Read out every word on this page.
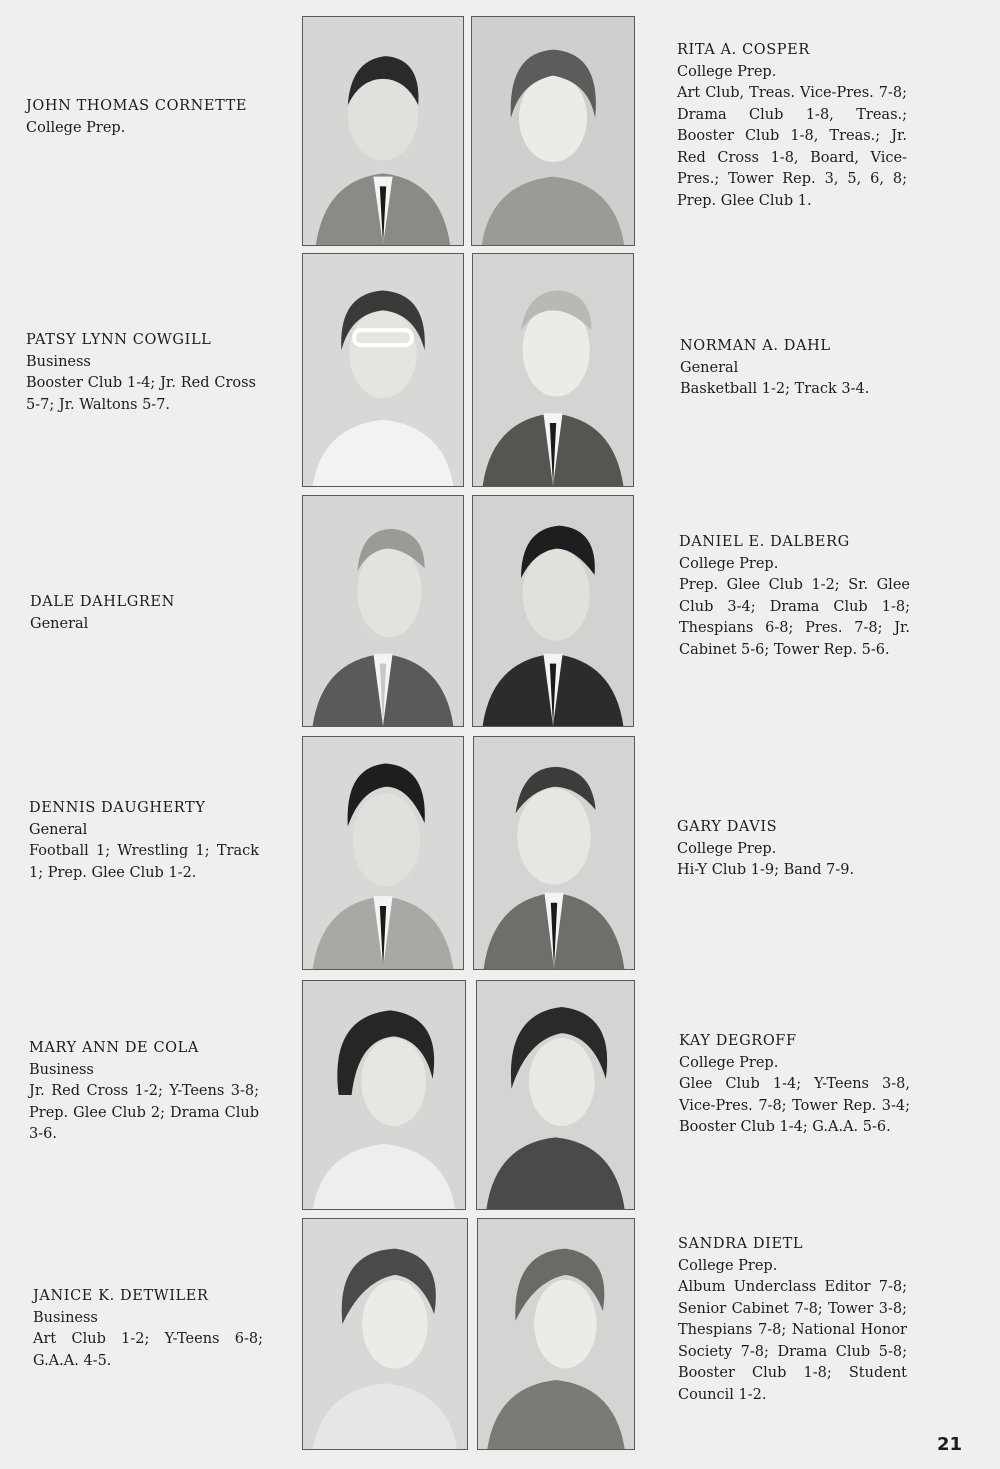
JOHN THOMAS CORNETTE

College Prep.

RITA A. COSPER

College Prep.

Art Club, Treas. Vice-Pres. 7-8; Drama Club 1-8, Treas.; Booster Club 1-8, Treas.; Jr. Red Cross 1-8, Board, Vice-Pres.; Tower Rep. 3, 5, 6, 8; Prep. Glee Club 1.

PATSY LYNN COWGILL

Business

Booster Club 1-4; Jr. Red Cross 5-7; Jr. Waltons 5-7.

NORMAN A. DAHL

General

Basketball 1-2; Track 3-4.

DALE DAHLGREN

General

DANIEL E. DALBERG

College Prep.

Prep. Glee Club 1-2; Sr. Glee Club 3-4; Drama Club 1-8; Thespians 6-8; Pres. 7-8; Jr. Cabinet 5-6; Tower Rep. 5-6.

DENNIS DAUGHERTY

General

Football 1; Wrestling 1; Track 1; Prep. Glee Club 1-2.

GARY DAVIS

College Prep.

Hi-Y Club 1-9; Band 7-9.

MARY ANN DE COLA

Business

Jr. Red Cross 1-2; Y-Teens 3-8; Prep. Glee Club 2; Drama Club 3-6.

KAY DEGROFF

College Prep.

Glee Club 1-4; Y-Teens 3-8, Vice-Pres. 7-8; Tower Rep. 3-4; Booster Club 1-4; G.A.A. 5-6.

JANICE K. DETWILER

Business

Art Club 1-2; Y-Teens 6-8; G.A.A. 4-5.

SANDRA DIETL

College Prep.

Album Underclass Editor 7-8; Senior Cabinet 7-8; Tower 3-8; Thespians 7-8; National Honor Society 7-8; Drama Club 5-8; Booster Club 1-8; Student Council 1-2.

21
